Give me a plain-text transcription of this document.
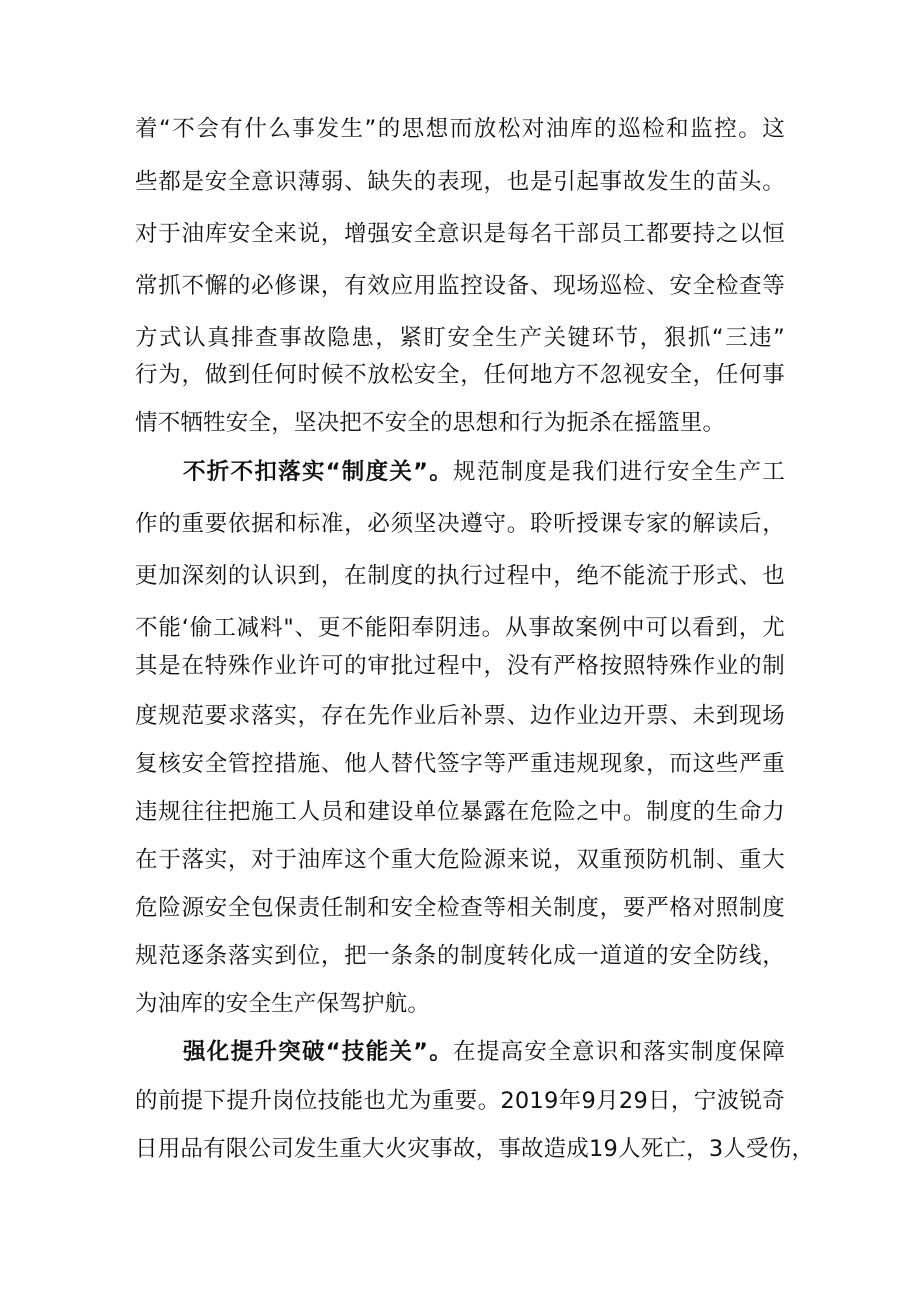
着“不会有什么事发生”的思想而放松对油库的巡检和监控。这
些都是安全意识薄弱、缺失的表现，也是引起事故发生的苗头。
对于油库安全来说，增强安全意识是每名干部员工都要持之以恒
常抓不懈的必修课，有效应用监控设备、现场巡检、安全检查等
方式认真排查事故隐患，紧盯安全生产关键环节，狠抓“三违”
行为，做到任何时候不放松安全，任何地方不忽视安全，任何事
情不牺牲安全，坚决把不安全的思想和行为扼杀在摇篮里。
不折不扣落实“制度关”。规范制度是我们进行安全生产工
作的重要依据和标准，必须坚决遵守。聆听授课专家的解读后，
更加深刻的认识到，在制度的执行过程中，绝不能流于形式、也
不能‘偷工减料"、更不能阳奉阴违。从事故案例中可以看到，尤
其是在特殊作业许可的审批过程中，没有严格按照特殊作业的制
度规范要求落实，存在先作业后补票、边作业边开票、未到现场
复核安全管控措施、他人替代签字等严重违规现象，而这些严重
违规往往把施工人员和建设单位暴露在危险之中。制度的生命力
在于落实，对于油库这个重大危险源来说，双重预防机制、重大
危险源安全包保责任制和安全检查等相关制度，要严格对照制度
规范逐条落实到位，把一条条的制度转化成一道道的安全防线，
为油库的安全生产保驾护航。
强化提升突破“技能关”。在提高安全意识和落实制度保障
的前提下提升岗位技能也尤为重要。2019年9月29日，宁波锐奇
日用品有限公司发生重大火灾事故，事故造成19人死亡，3人受伤，
